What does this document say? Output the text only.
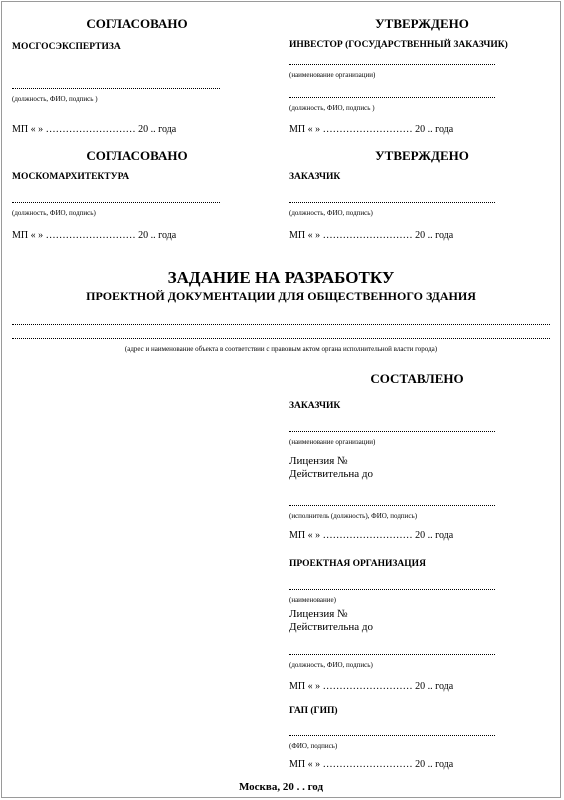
СОГЛАСОВАНО
МОСГОСЭКСПЕРТИЗА
(должность, ФИО, подпись )
МП « » ……………………… 20 .. года
СОГЛАСОВАНО
МОСКОМАРХИТЕКТУРА
(должность, ФИО, подпись)
МП « » ……………………… 20 .. года
УТВЕРЖДЕНО
ИНВЕСТОР (ГОСУДАРСТВЕННЫЙ ЗАКАЗЧИК)
(наименование организации)
(должность, ФИО, подпись )
МП « » ……………………… 20 .. года
УТВЕРЖДЕНО
ЗАКАЗЧИК
(должность, ФИО, подпись)
МП « » ……………………… 20 .. года
ЗАДАНИЕ НА РАЗРАБОТКУ
ПРОЕКТНОЙ ДОКУМЕНТАЦИИ ДЛЯ ОБЩЕСТВЕННОГО ЗДАНИЯ
(адрес и наименование объекта в соответствии с правовым актом органа исполнительной власти города)
СОСТАВЛЕНО
ЗАКАЗЧИК
(наименование организации)
Лицензия №
Действительна до
(исполнитель (должность), ФИО, подпись)
МП « » ……………………… 20 .. года
ПРОЕКТНАЯ ОРГАНИЗАЦИЯ
(наименование)
Лицензия №
Действительна до
(должность, ФИО, подпись)
МП « » ……………………… 20 .. года
ГАП (ГИП)
(ФИО, подпись)
МП « » ……………………… 20 .. года
Москва, 20 . . год
